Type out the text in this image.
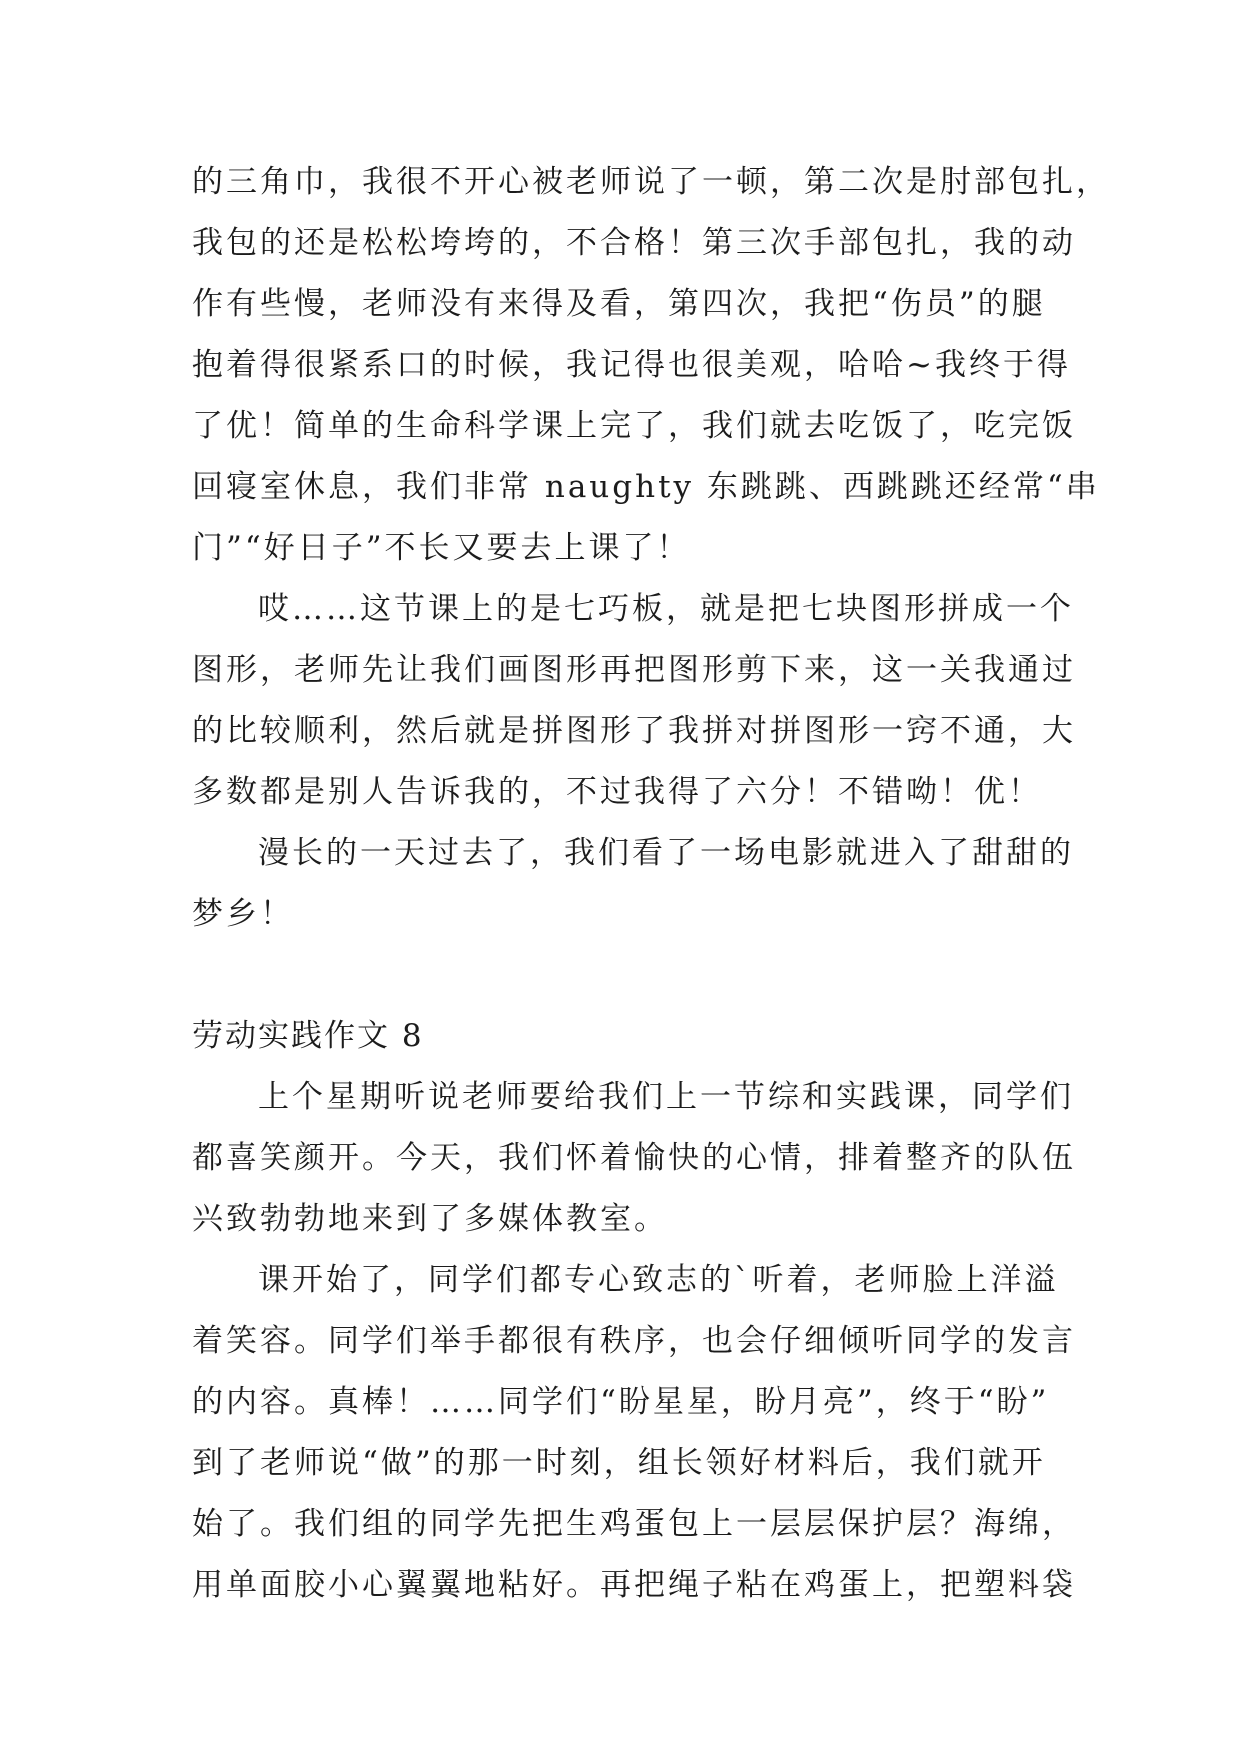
的三角巾，我很不开心被老师说了一顿，第二次是肘部包扎，
我包的还是松松垮垮的，不合格！第三次手部包扎，我的动
作有些慢，老师没有来得及看，第四次，我把“伤员”的腿
抱着得很紧系口的时候，我记得也很美观，哈哈~我终于得
了优！简单的生命科学课上完了，我们就去吃饭了，吃完饭
回寝室休息，我们非常 naughty 东跳跳、西跳跳还经常“串
门”“好日子”不长又要去上课了！
哎……这节课上的是七巧板，就是把七块图形拼成一个
图形，老师先让我们画图形再把图形剪下来，这一关我通过
的比较顺利，然后就是拼图形了我拼对拼图形一窍不通，大
多数都是别人告诉我的，不过我得了六分！不错呦！优！
漫长的一天过去了，我们看了一场电影就进入了甜甜的
梦乡！
劳动实践作文 8
上个星期听说老师要给我们上一节综和实践课，同学们
都喜笑颜开。今天，我们怀着愉快的心情，排着整齐的队伍
兴致勃勃地来到了多媒体教室。
课开始了，同学们都专心致志的`听着，老师脸上洋溢
着笑容。同学们举手都很有秩序，也会仔细倾听同学的发言
的内容。真棒！……同学们“盼星星，盼月亮”，终于“盼”
到了老师说“做”的那一时刻，组长领好材料后，我们就开
始了。我们组的同学先把生鸡蛋包上一层层保护层？海绵，
用单面胶小心翼翼地粘好。再把绳子粘在鸡蛋上，把塑料袋
